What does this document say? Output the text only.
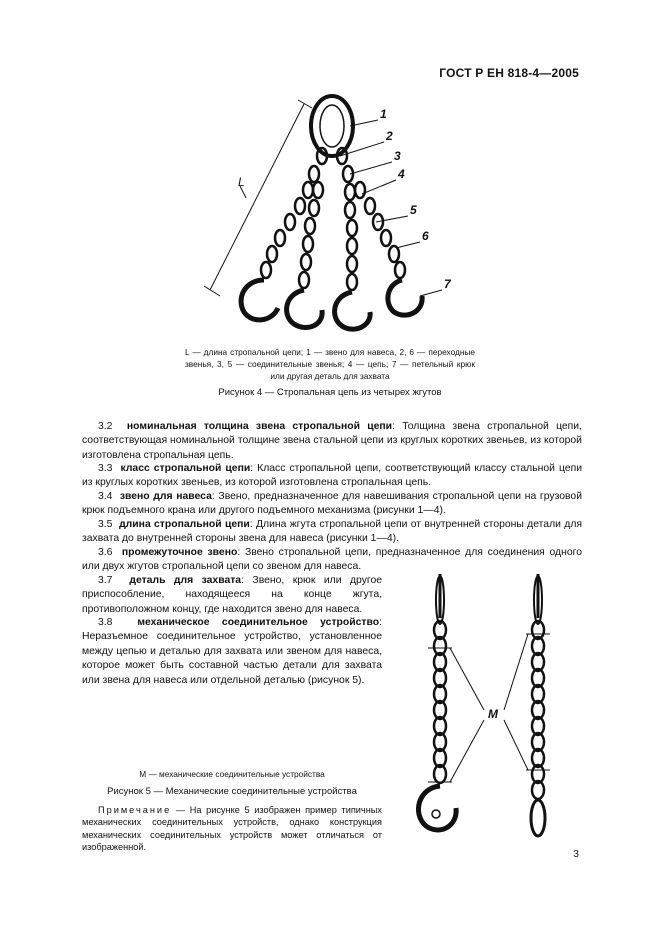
ГОСТ Р ЕН 818-4—2005
1
2
3
4
5
6
7
L
L — длина стропальной цепи; 1 — звено для навеса, 2, 6 — переходные звенья, 3, 5 — соединительные звенья; 4 — цепь; 7 — петельный крюк или другая деталь для захвата
Рисунок 4 — Стропальная цепь из четырех жгутов
3.2 номинальная толщина звена стропальной цепи: Толщина звена стропальной цепи, соответствующая номинальной толщине звена стальной цепи из круглых коротких звеньев, из которой изготовлена стропальная цепь.
3.3 класс стропальной цепи: Класс стропальной цепи, соответствующий классу стальной цепи из круглых коротких звеньев, из которой изготовлена стропальная цепь.
3.4 звено для навеса: Звено, предназначенное для навешивания стропальной цепи на грузовой крюк подъемного крана или другого подъемного механизма (рисунки 1—4).
3.5 длина стропальной цепи: Длина жгута стропальной цепи от внутренней стороны детали для захвата до внутренней стороны звена для навеса (рисунки 1—4).
3.6 промежуточное звено: Звено стропальной цепи, предназначенное для соединения одного или двух жгутов стропальной цепи со звеном для навеса.
3.7 деталь для захвата: Звено, крюк или другое приспособление, находящееся на конце жгута, противоположном концу, где находится звено для навеса.
3.8 механическое соединительное устройство: Неразъемное соединительное устройство, установленное между цепью и деталью для захвата или звеном для навеса, которое может быть составной частью детали для захвата или звена для навеса или отдельной деталью (рисунок 5).
M
M — механические соединительные устройства
Рисунок 5 — Механические соединительные устройства
Примечание — На рисунке 5 изображен пример типичных механических соединительных устройств, однако конструкция механических соединительных устройств может отличаться от изображенной.
3
